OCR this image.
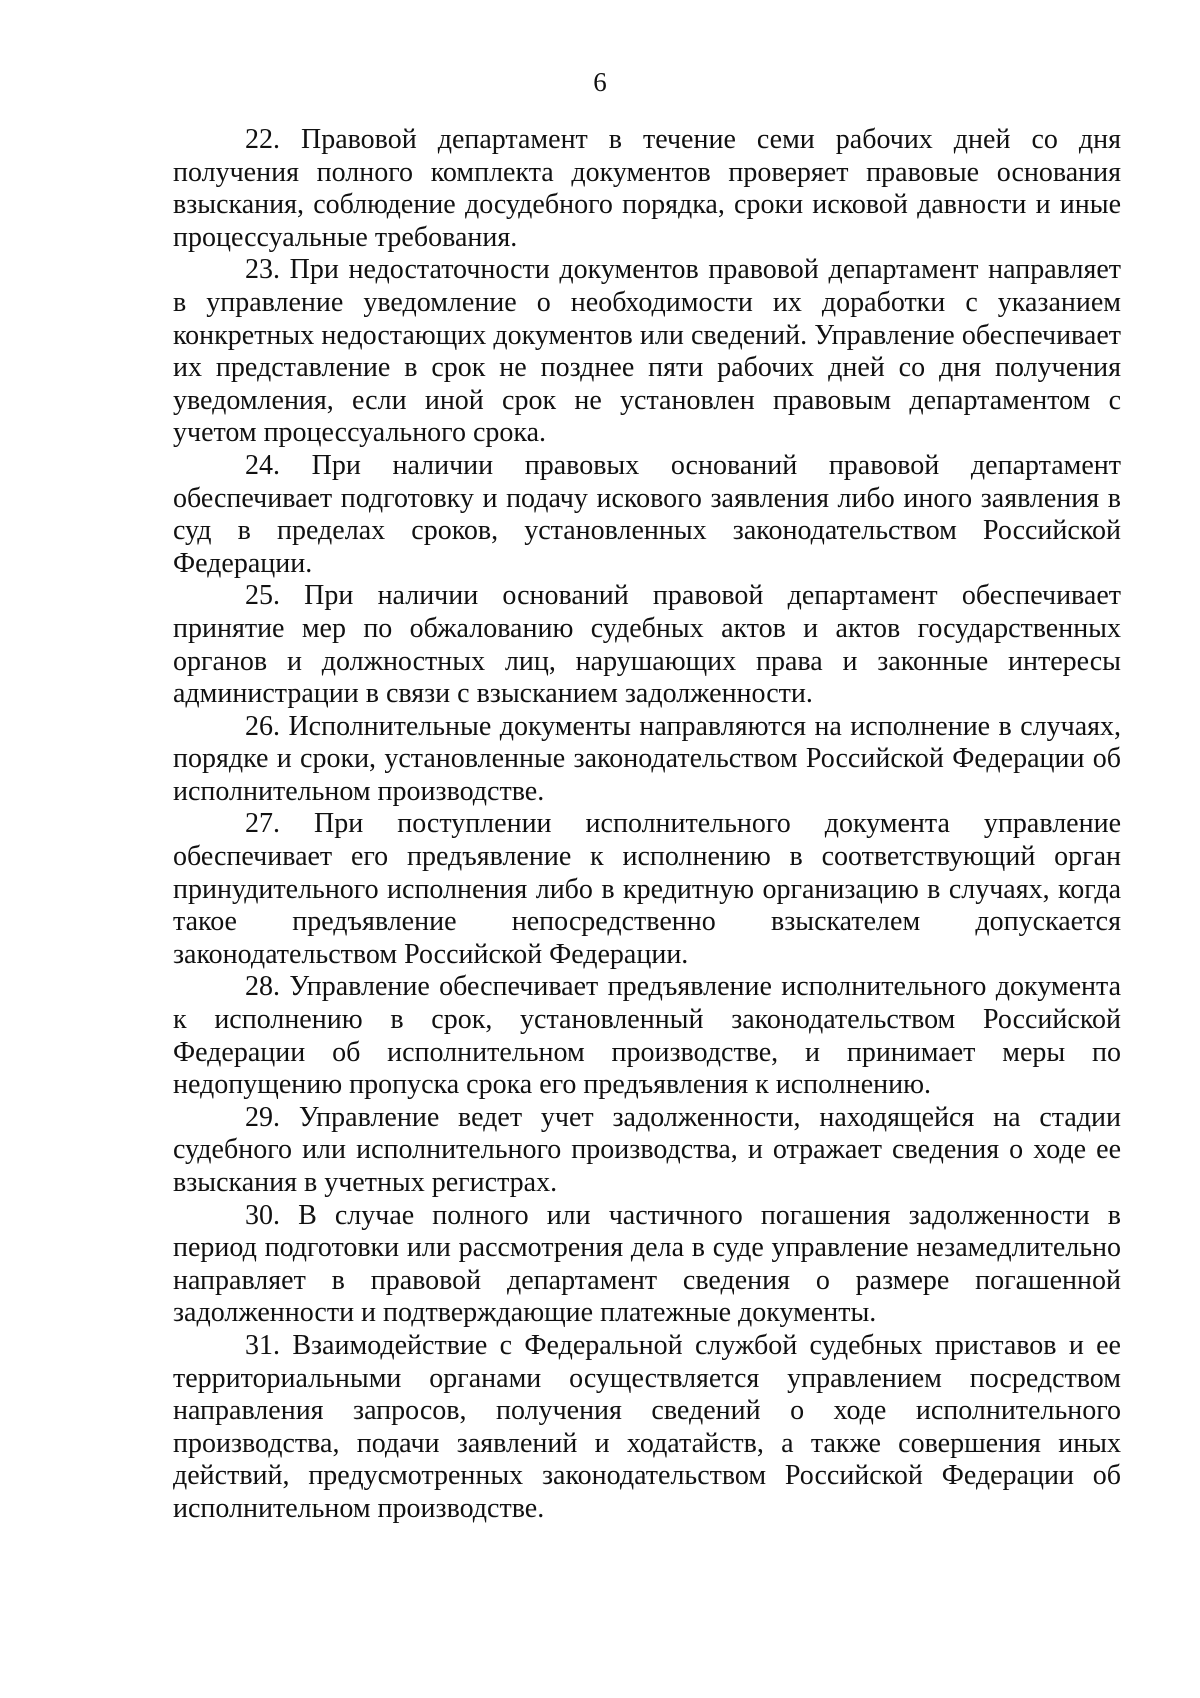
6

22. Правовой департамент в течение семи рабочих дней со дня получения полного комплекта документов проверяет правовые основания взыскания, соблюдение досудебного порядка, сроки исковой давности и иные процессуальные требования.

23. При недостаточности документов правовой департамент направляет в управление уведомление о необходимости их доработки с указанием конкретных недостающих документов или сведений. Управление обеспечивает их представление в срок не позднее пяти рабочих дней со дня получения уведомления, если иной срок не установлен правовым департаментом с учетом процессуального срока.

24. При наличии правовых оснований правовой департамент обеспечивает подготовку и подачу искового заявления либо иного заявления в суд в пределах сроков, установленных законодательством Российской Федерации.

25. При наличии оснований правовой департамент обеспечивает принятие мер по обжалованию судебных актов и актов государственных органов и должностных лиц, нарушающих права и законные интересы администрации в связи с взысканием задолженности.

26. Исполнительные документы направляются на исполнение в случаях, порядке и сроки, установленные законодательством Российской Федерации об исполнительном производстве.

27. При поступлении исполнительного документа управление обеспечивает его предъявление к исполнению в соответствующий орган принудительного исполнения либо в кредитную организацию в случаях, когда такое предъявление непосредственно взыскателем допускается законодательством Российской Федерации.

28. Управление обеспечивает предъявление исполнительного документа к исполнению в срок, установленный законодательством Российской Федерации об исполнительном производстве, и принимает меры по недопущению пропуска срока его предъявления к исполнению.

29. Управление ведет учет задолженности, находящейся на стадии судебного или исполнительного производства, и отражает сведения о ходе ее взыскания в учетных регистрах.

30. В случае полного или частичного погашения задолженности в период подготовки или рассмотрения дела в суде управление незамедлительно направляет в правовой департамент сведения о размере погашенной задолженности и подтверждающие платежные документы.

31. Взаимодействие с Федеральной службой судебных приставов и ее территориальными органами осуществляется управлением посредством направления запросов, получения сведений о ходе исполнительного производства, подачи заявлений и ходатайств, а также совершения иных действий, предусмотренных законодательством Российской Федерации об исполнительном производстве.
